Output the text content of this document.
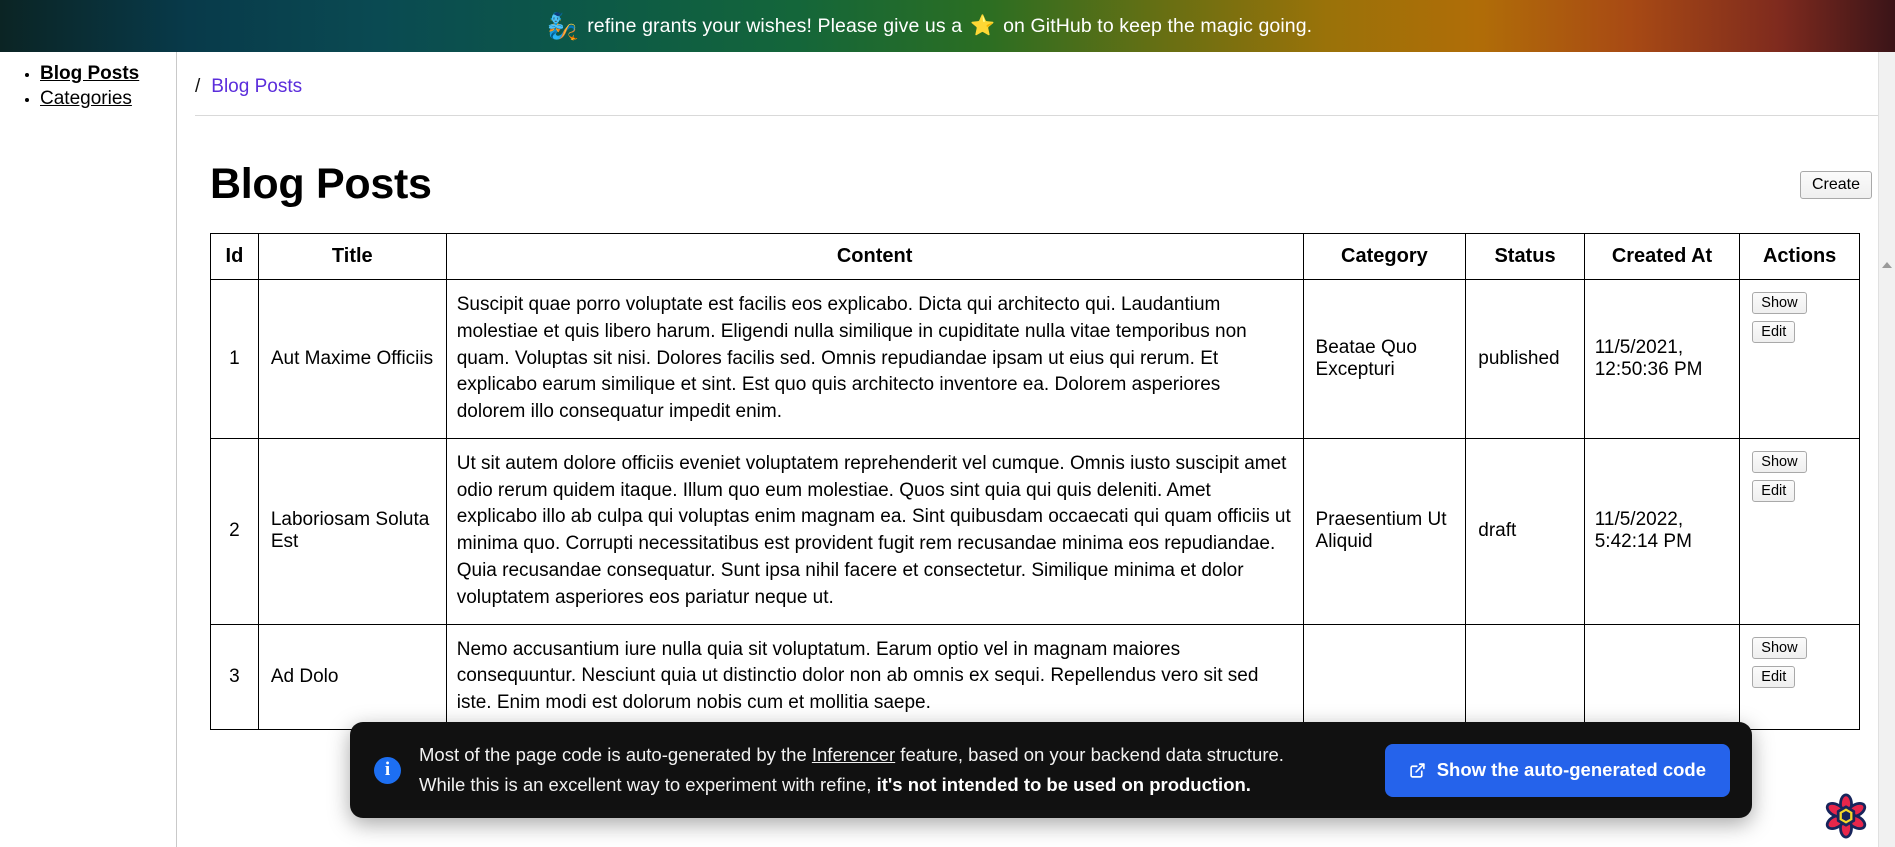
🧞 refine grants your wishes! Please give us a ⭐ on GitHub to keep the magic going.
• Blog Posts
• Categories
/ Blog Posts
Blog Posts	Create
Id	Title	Content	Category	Status	Created At	Actions
1	Aut Maxime Officiis	Suscipit quae porro voluptate est facilis eos explicabo. Dicta qui architecto qui. Laudantium molestiae et quis libero harum. Eligendi nulla similique in cupiditate nulla vitae temporibus non quam. Voluptas sit nisi. Dolores facilis sed. Omnis repudiandae ipsam ut eius qui rerum. Et explicabo earum similique et sint. Est quo quis architecto inventore ea. Dolorem asperiores dolorem illo consequatur impedit enim.	Beatae Quo Excepturi	published	11/5/2021, 12:50:36 PM	Show
Edit

2	Laboriosam Soluta Est	Ut sit autem dolore officiis eveniet voluptatem reprehenderit vel cumque. Omnis iusto suscipit amet odio rerum quidem itaque. Illum quo eum molestiae. Quos sint quia qui quis deleniti. Amet explicabo illo ab culpa qui voluptas enim magnam ea. Sint quibusdam occaecati qui quam officiis ut minima quo. Corrupti necessitatibus est provident fugit rem recusandae minima eos repudiandae. Quia recusandae consequatur. Sunt ipsa nihil facere et consectetur. Similique minima et dolor voluptatem asperiores eos pariatur neque ut.	Praesentium Ut Aliquid	draft	11/5/2022, 5:42:14 PM	Show
Edit

3	Ad Dolo	Nemo accusantium iure nulla quia sit voluptatum. Earum optio vel in magnam maiores consequuntur. Nesciunt quia ut distinctio dolor non ab omnis ex sequi. Repellendus vero sit sed iste. Enim modi est dolorum nobis cum et mollitia saepe.				Show
Edit
i
Most of the page code is auto-generated by the Inferencer feature, based on your backend data structure.
While this is an excellent way to experiment with refine, it's not intended to be used on production.
Show the auto-generated code
